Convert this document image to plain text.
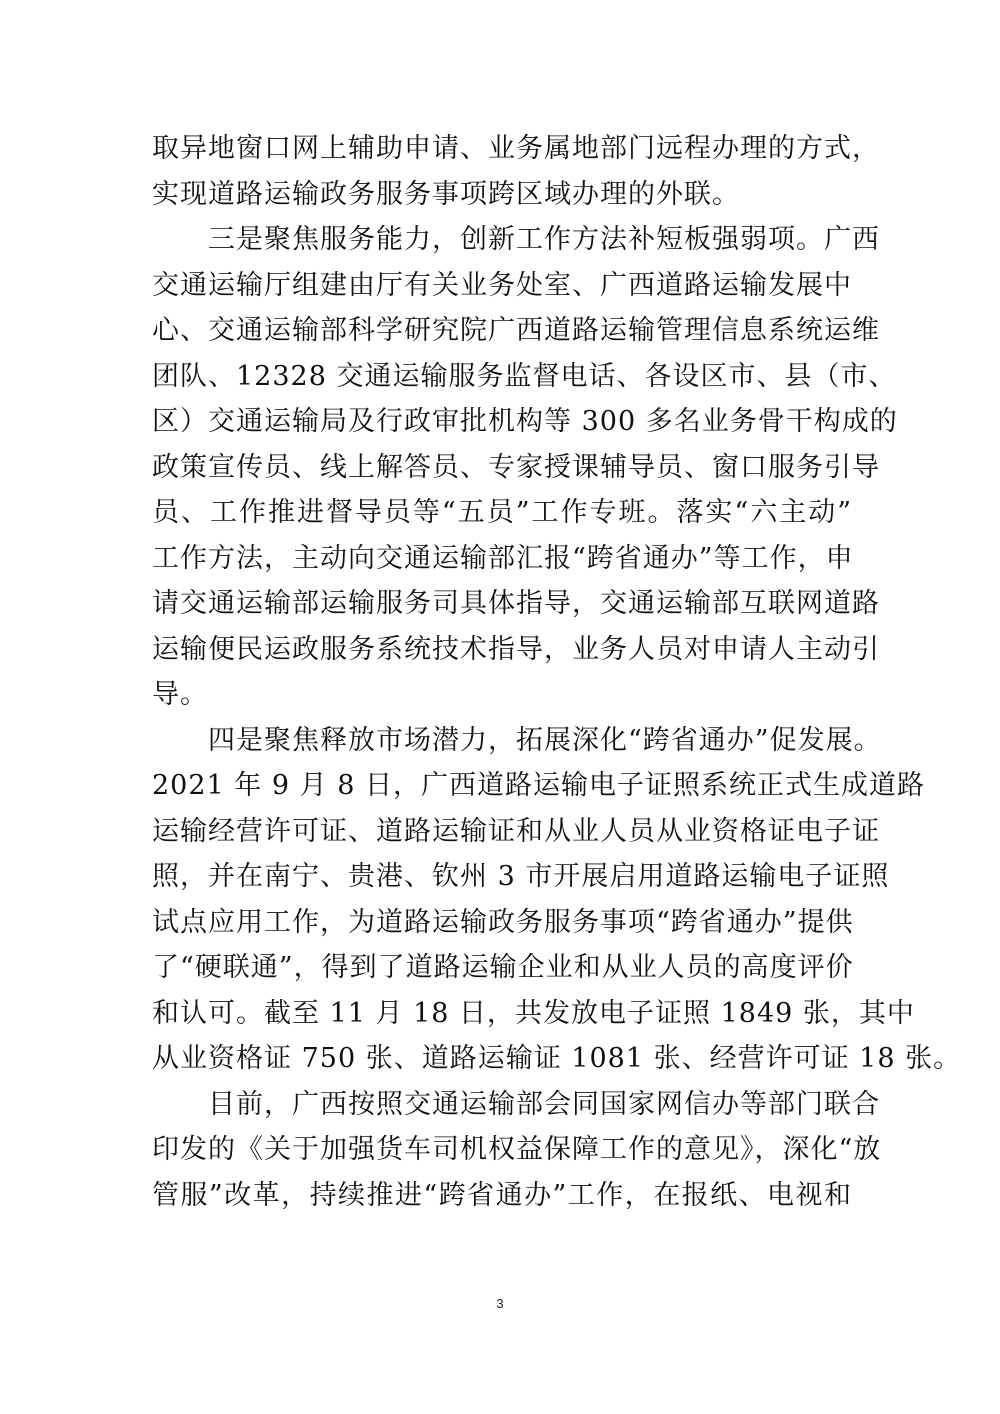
取异地窗口网上辅助申请、业务属地部门远程办理的方式，
实现道路运输政务服务事项跨区域办理的外联。
三是聚焦服务能力，创新工作方法补短板强弱项。广西
交通运输厅组建由厅有关业务处室、广西道路运输发展中
心、交通运输部科学研究院广西道路运输管理信息系统运维
团队、12328 交通运输服务监督电话、各设区市、县（市、
区）交通运输局及行政审批机构等 300 多名业务骨干构成的
政策宣传员、线上解答员、专家授课辅导员、窗口服务引导
员、工作推进督导员等“五员”工作专班。落实“六主动”
工作方法，主动向交通运输部汇报“跨省通办”等工作，申
请交通运输部运输服务司具体指导，交通运输部互联网道路
运输便民运政服务系统技术指导，业务人员对申请人主动引
导。
四是聚焦释放市场潜力，拓展深化“跨省通办”促发展。
2021 年 9 月 8 日，广西道路运输电子证照系统正式生成道路
运输经营许可证、道路运输证和从业人员从业资格证电子证
照，并在南宁、贵港、钦州 3 市开展启用道路运输电子证照
试点应用工作，为道路运输政务服务事项“跨省通办”提供
了“硬联通”，得到了道路运输企业和从业人员的高度评价
和认可。截至 11 月 18 日，共发放电子证照 1849 张，其中
从业资格证 750 张、道路运输证 1081 张、经营许可证 18 张。
目前，广西按照交通运输部会同国家网信办等部门联合
印发的《关于加强货车司机权益保障工作的意见》，深化“放
管服”改革，持续推进“跨省通办”工作，在报纸、电视和
3
